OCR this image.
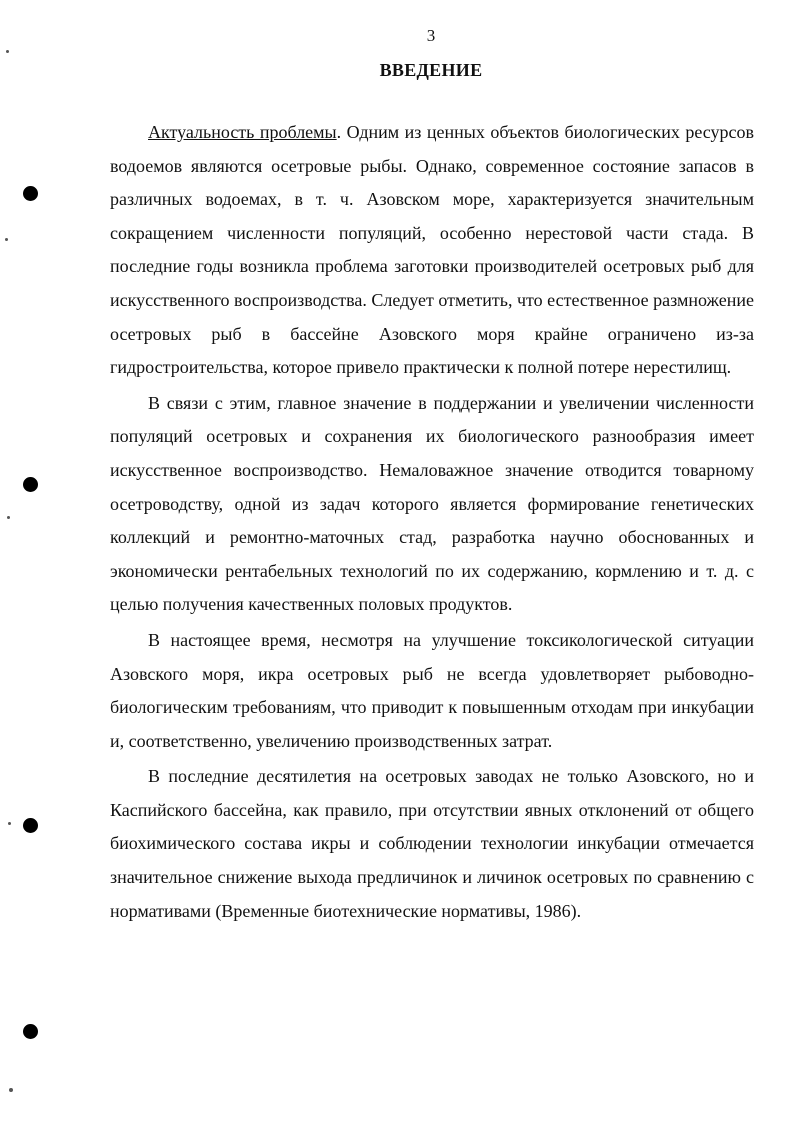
3
ВВЕДЕНИЕ

Актуальность проблемы. Одним из ценных объектов биологических ресурсов водоемов являются осетровые рыбы. Однако, современное состояние запасов в различных водоемах, в т. ч. Азовском море, характеризуется значительным сокращением численности популяций, особенно нерестовой части стада. В последние годы возникла проблема заготовки производителей осетровых рыб для искусственного воспроизводства. Следует отметить, что естественное размножение осетровых рыб в бассейне Азовского моря крайне ограничено из-за гидростроительства, которое привело практически к полной потере нерестилищ.

В связи с этим, главное значение в поддержании и увеличении численности популяций осетровых и сохранения их биологического разнообразия имеет искусственное воспроизводство. Немаловажное значение отводится товарному осетроводству, одной из задач которого является формирование генетических коллекций и ремонтно-маточных стад, разработка научно обоснованных и экономически рентабельных технологий по их содержанию, кормлению и т. д. с целью получения качественных половых продуктов.

В настоящее время, несмотря на улучшение токсикологической ситуации Азовского моря, икра осетровых рыб не всегда удовлетворяет рыбоводно-биологическим требованиям, что приводит к повышенным отходам при инкубации и, соответственно, увеличению производственных затрат.

В последние десятилетия на осетровых заводах не только Азовского, но и Каспийского бассейна, как правило, при отсутствии явных отклонений от общего биохимического состава икры и соблюдении технологии инкубации отмечается значительное снижение выхода предличинок и личинок осетровых по сравнению с нормативами (Временные биотехнические нормативы, 1986).
